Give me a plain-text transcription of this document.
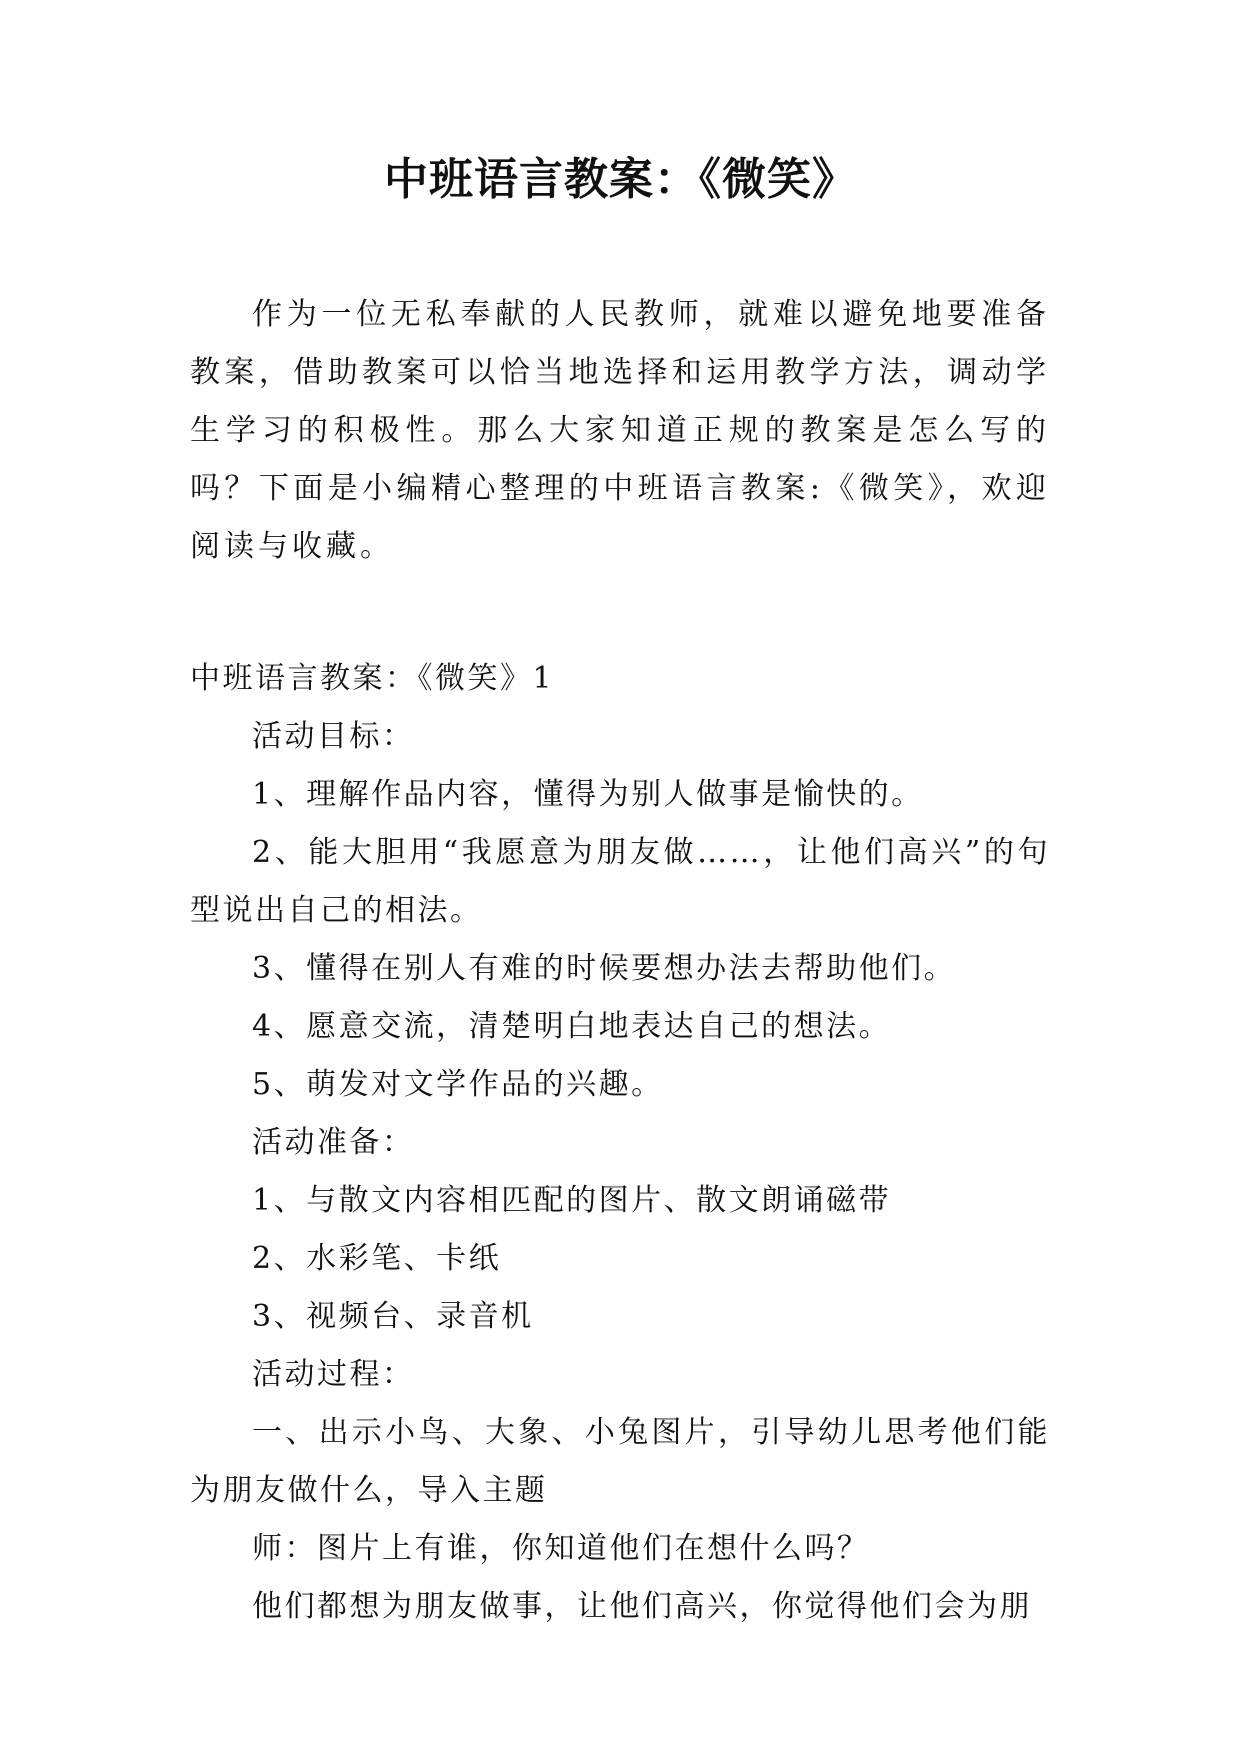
中班语言教案：《微笑》

作为一位无私奉献的人民教师，就难以避免地要准备教案，借助教案可以恰当地选择和运用教学方法，调动学生学习的积极性。那么大家知道正规的教案是怎么写的吗？下面是小编精心整理的中班语言教案:《微笑》，欢迎阅读与收藏。

中班语言教案：《微笑》1

活动目标：

1、理解作品内容，懂得为别人做事是愉快的。

2、能大胆用“我愿意为朋友做……，让他们高兴”的句型说出自己的相法。

3、懂得在别人有难的时候要想办法去帮助他们。

4、愿意交流，清楚明白地表达自己的想法。

5、萌发对文学作品的兴趣。

活动准备：

1、与散文内容相匹配的图片、散文朗诵磁带

2、水彩笔、卡纸

3、视频台、录音机

活动过程：

一、出示小鸟、大象、小兔图片，引导幼儿思考他们能为朋友做什么，导入主题

师：图片上有谁，你知道他们在想什么吗？

他们都想为朋友做事，让他们高兴，你觉得他们会为朋
